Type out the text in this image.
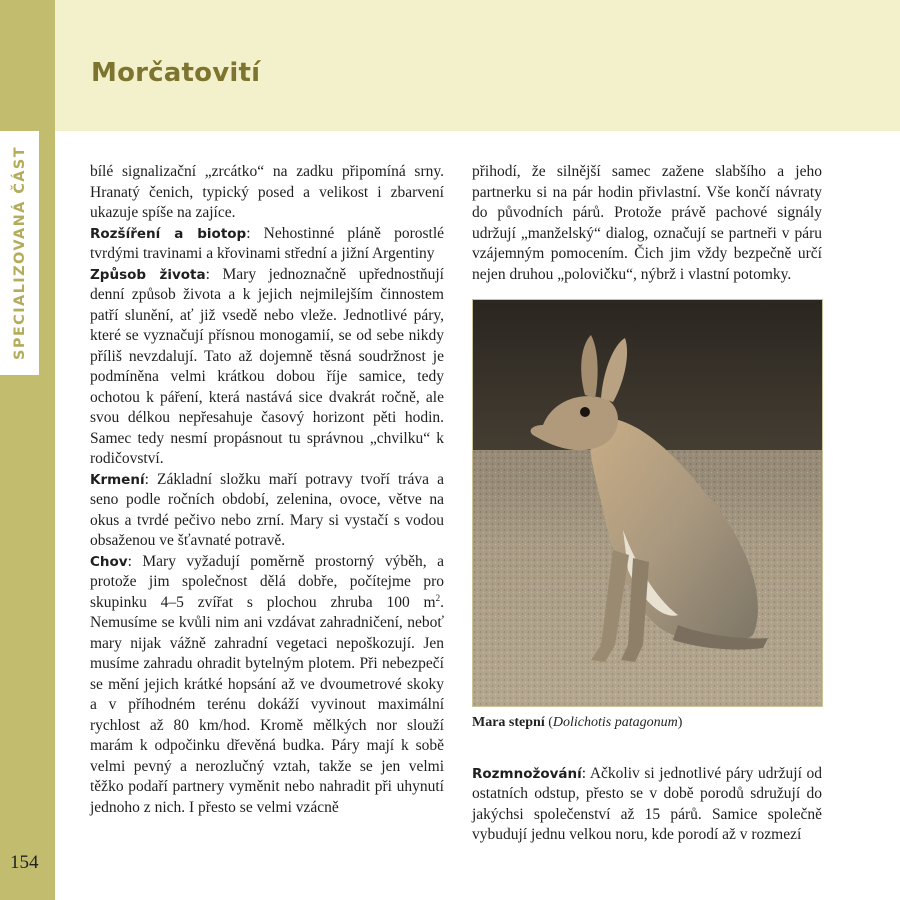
SPECIALIZOVANÁ ČÁST
Morčatovití

bílé signalizační „zrcátko“ na zadku připomíná srny. Hranatý čenich, typický posed a velikost i zbarvení ukazuje spíše na zajíce.

Rozšíření a biotop: Nehostinné pláně porostlé tvrdými travinami a křovinami střední a jižní Argentiny

Způsob života: Mary jednoznačně upřednostňují denní způsob života a k jejich nejmilejším činnostem patří slunění, ať již vsedě nebo vleže. Jednotlivé páry, které se vyznačují přísnou monogamií, se od sebe nikdy příliš nevzdalují. Tato až dojemně těsná soudržnost je podmíněna velmi krátkou dobou říje samice, tedy ochotou k páření, která nastává sice dvakrát ročně, ale svou délkou nepřesahuje časový horizont pěti hodin. Samec tedy nesmí propásnout tu správnou „chvilku“ k rodičovství.

Krmení: Základní složku maří potravy tvoří tráva a seno podle ročních období, zelenina, ovoce, větve na okus a tvrdé pečivo nebo zrní. Mary si vystačí s vodou obsaženou ve šťavnaté potravě.

Chov: Mary vyžadují poměrně prostorný výběh, a protože jim společnost dělá dobře, počítejme pro skupinku 4–5 zvířat s plochou zhruba 100 $m^2$. Nemusíme se kvůli nim ani vzdávat zahradničení, neboť mary nijak vážně zahradní vegetaci nepoškozují. Jen musíme zahradu ohradit bytelným plotem. Při nebezpečí se mění jejich krátké hopsání až ve dvoumetrové skoky a v příhodném terénu dokáží vyvinout maximální rychlost až 80 km/hod. Kromě mělkých nor slouží marám k odpočinku dřevěná budka. Páry mají k sobě velmi pevný a nerozlučný vztah, takže se jen velmi těžko podaří partnery vyměnit nebo nahradit při uhynutí jednoho z nich. I přesto se velmi vzácně

přihodí, že silnější samec zažene slabšího a jeho partnerku si na pár hodin přivlastní. Vše končí návraty do původních párů. Protože právě pachové signály udržují „manželský“ dialog, označují se partneři v páru vzájemným pomocením. Čich jim vždy bezpečně určí nejen druhou „polovičku“, nýbrž i vlastní potomky.

Mara stepní (Dolichotis patagonum)

Rozmnožování: Ačkoliv si jednotlivé páry udržují od ostatních odstup, přesto se v době porodů sdružují do jakýchsi společenství až 15 párů. Samice společně vybudují jednu velkou noru, kde porodí až v rozmezí

154
